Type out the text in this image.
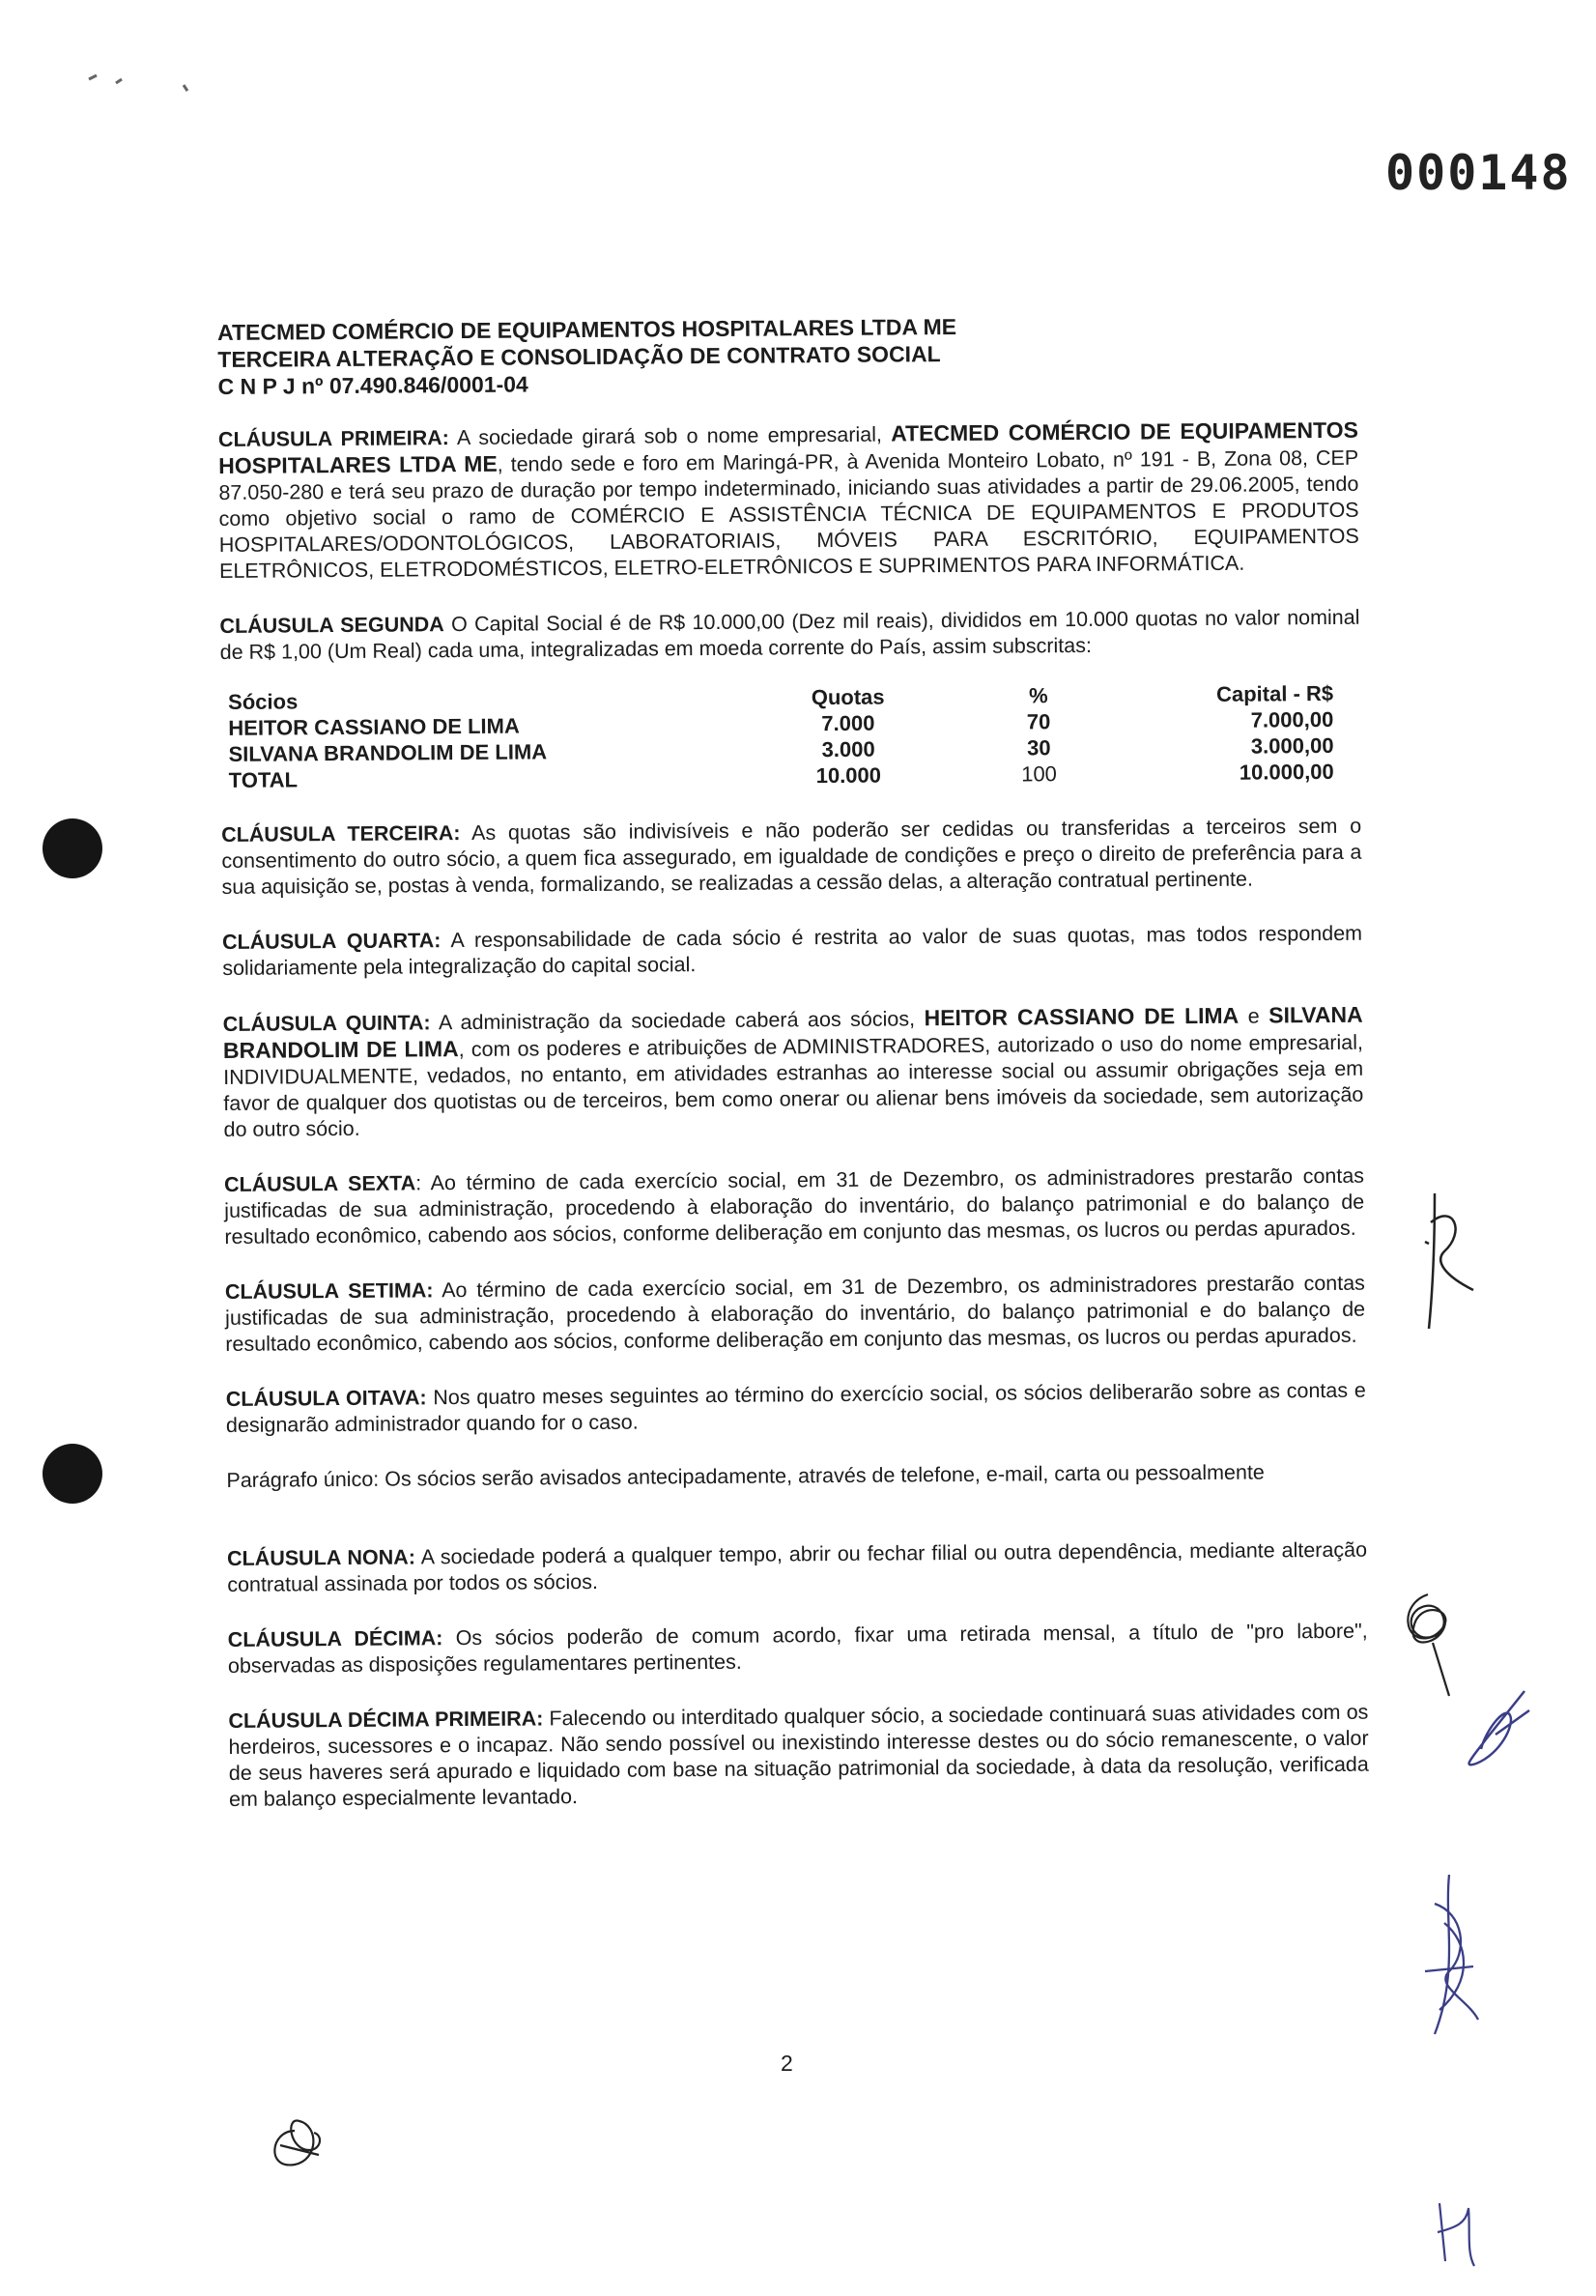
000148
ATECMED COMÉRCIO DE EQUIPAMENTOS HOSPITALARES LTDA ME
TERCEIRA ALTERAÇÃO E CONSOLIDAÇÃO DE CONTRATO SOCIAL
C N P J nº 07.490.846/0001-04

CLÁUSULA PRIMEIRA: A sociedade girará sob o nome empresarial, ATECMED COMÉRCIO DE EQUIPAMENTOS HOSPITALARES LTDA ME, tendo sede e foro em Maringá-PR, à Avenida Monteiro Lobato, nº 191 - B, Zona 08, CEP 87.050-280 e terá seu prazo de duração por tempo indeterminado, iniciando suas atividades a partir de 29.06.2005, tendo como objetivo social o ramo de COMÉRCIO E ASSISTÊNCIA TÉCNICA DE EQUIPAMENTOS E PRODUTOS HOSPITALARES/ODONTOLÓGICOS, LABORATORIAIS, MÓVEIS PARA ESCRITÓRIO, EQUIPAMENTOS ELETRÔNICOS, ELETRODOMÉSTICOS, ELETRO-ELETRÔNICOS E SUPRIMENTOS PARA INFORMÁTICA.

CLÁUSULA SEGUNDA O Capital Social é de R$ 10.000,00 (Dez mil reais), divididos em 10.000 quotas no valor nominal de R$ 1,00 (Um Real) cada uma, integralizadas em moeda corrente do País, assim subscritas:

Sócios	Quotas	%	Capital - R$
HEITOR CASSIANO DE LIMA	7.000	70	7.000,00
SILVANA BRANDOLIM DE LIMA	3.000	30	3.000,00
TOTAL	10.000	100	10.000,00

CLÁUSULA TERCEIRA: As quotas são indivisíveis e não poderão ser cedidas ou transferidas a terceiros sem o consentimento do outro sócio, a quem fica assegurado, em igualdade de condições e preço o direito de preferência para a sua aquisição se, postas à venda, formalizando, se realizadas a cessão delas, a alteração contratual pertinente.

CLÁUSULA QUARTA: A responsabilidade de cada sócio é restrita ao valor de suas quotas, mas todos respondem solidariamente pela integralização do capital social.

CLÁUSULA QUINTA: A administração da sociedade caberá aos sócios, HEITOR CASSIANO DE LIMA e SILVANA BRANDOLIM DE LIMA, com os poderes e atribuições de ADMINISTRADORES, autorizado o uso do nome empresarial, INDIVIDUALMENTE, vedados, no entanto, em atividades estranhas ao interesse social ou assumir obrigações seja em favor de qualquer dos quotistas ou de terceiros, bem como onerar ou alienar bens imóveis da sociedade, sem autorização do outro sócio.

CLÁUSULA SEXTA: Ao término de cada exercício social, em 31 de Dezembro, os administradores prestarão contas justificadas de sua administração, procedendo à elaboração do inventário, do balanço patrimonial e do balanço de resultado econômico, cabendo aos sócios, conforme deliberação em conjunto das mesmas, os lucros ou perdas apurados.

CLÁUSULA SETIMA: Ao término de cada exercício social, em 31 de Dezembro, os administradores prestarão contas justificadas de sua administração, procedendo à elaboração do inventário, do balanço patrimonial e do balanço de resultado econômico, cabendo aos sócios, conforme deliberação em conjunto das mesmas, os lucros ou perdas apurados.

CLÁUSULA OITAVA: Nos quatro meses seguintes ao término do exercício social, os sócios deliberarão sobre as contas e designarão administrador quando for o caso.

Parágrafo único: Os sócios serão avisados antecipadamente, através de telefone, e-mail, carta ou pessoalmente

CLÁUSULA NONA: A sociedade poderá a qualquer tempo, abrir ou fechar filial ou outra dependência, mediante alteração contratual assinada por todos os sócios.

CLÁUSULA DÉCIMA: Os sócios poderão de comum acordo, fixar uma retirada mensal, a título de "pro labore", observadas as disposições regulamentares pertinentes.

CLÁUSULA DÉCIMA PRIMEIRA: Falecendo ou interditado qualquer sócio, a sociedade continuará suas atividades com os herdeiros, sucessores e o incapaz. Não sendo possível ou inexistindo interesse destes ou do sócio remanescente, o valor de seus haveres será apurado e liquidado com base na situação patrimonial da sociedade, à data da resolução, verificada em balanço especialmente levantado.

2
